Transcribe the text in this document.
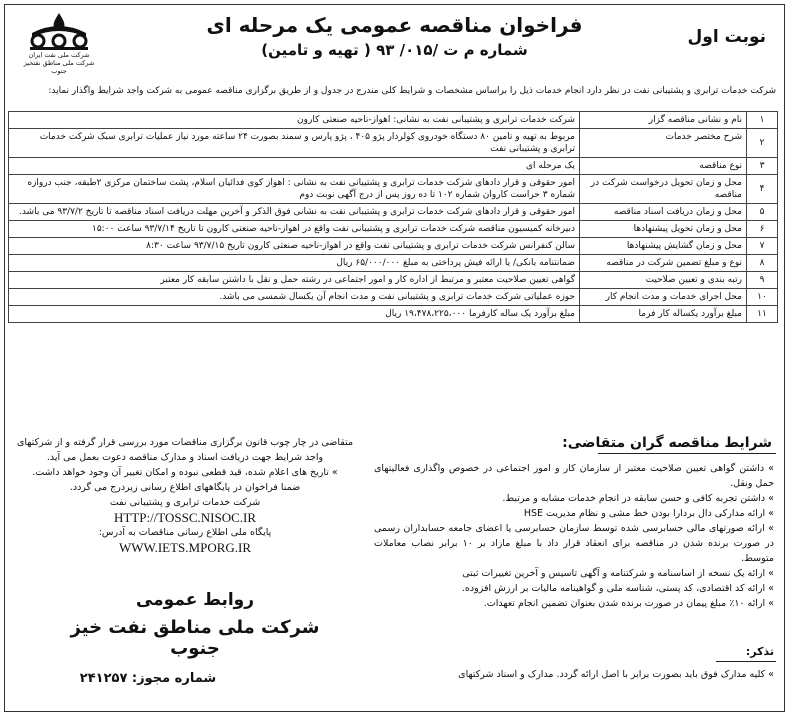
نوبت اول
شرکت ملی نفت ایران
شرکت ملی مناطق نفتخیز جنوب
فراخوان مناقصه عمومی یک مرحله ای
شماره م ت /۰۱۵/ ۹۳ ( تهیه و تامین)
شرکت خدمات ترابری و پشتیبانی نفت در نظر دارد انجام خدمات ذیل را براساس مشخصات و شرایط کلی مندرج در جدول و از طریق برگزاری مناقصه عمومی به شرکت واجد شرایط واگذار نماید:
۱	نام و نشانی مناقصه گزار	شرکت خدمات ترابری و پشتیبانی نفت به نشانی: اهواز-ناحیه صنعتی کارون
۲	شرح مختصر خدمات	مربوط به تهیه و تامین ۸۰ دستگاه خودروی کولردار پژو ۴۰۵ ، پژو پارس و سمند بصورت ۲۴ ساعته مورد نیاز عملیات ترابری سبک شرکت خدمات ترابری و پشتیبانی نفت
۳	نوع مناقصه	یک مرحله ای
۴	محل و زمان تحویل درخواست شرکت در مناقصه	امور حقوقی و قرار دادهای شرکت خدمات ترابری و پشتیبانی نفت به نشانی : اهواز کوی فدائیان اسلام، پشت ساختمان مرکزی ۲طبقه، جنب دروازه شماره ۳ حراست کاروان شماره ۱۰۲ تا ده روز پس از درج آگهی نوبت دوم
۵	محل و زمان دریافت اسناد مناقصه	امور حقوقی و قرار دادهای شرکت خدمات ترابری و پشتیبانی نفت به نشانی فوق الذکر و آخرین مهلت دریافت اسناد مناقصه تا تاریخ ۹۳/۷/۲ می باشد.
۶	محل و زمان تحویل پیشنهادها	دبیرخانه کمیسیون مناقصه شرکت خدمات ترابری و پشتیبانی نفت واقع در اهواز-ناحیه صنعتی کارون تا تاریخ ۹۳/۷/۱۴ ساعت ۱۵:۰۰
۷	محل و زمان گشایش پیشنهادها	سالن کنفرانس شرکت خدمات ترابری و پشتیبانی نفت واقع در اهواز-ناحیه صنعتی کارون تاریخ ۹۳/۷/۱۵ ساعت ۸:۳۰
۸	نوع و مبلغ تضمین شرکت در مناقصه	ضمانتنامه بانکی/ یا ارائه فیش پرداختی به مبلغ ۶۵/۰۰۰/۰۰۰ ریال
۹	رتبه بندی و تعیین صلاحیت	گواهی تعیین صلاحیت معتبر و مرتبط از اداره کار و امور اجتماعی در رشته حمل و نقل با داشتن سابقه کار معتبر
۱۰	محل اجرای خدمات و مدت انجام کار	حوزه عملیاتی شرکت خدمات ترابری و پشتیبانی نفت و مدت انجام آن یکسال شمسی می باشد.
۱۱	مبلغ برآورد یکساله کار فرما	مبلغ برآورد یک ساله کارفرما ۱۹،۴۷۸،۲۲۵،۰۰۰ ریال
شرایط مناقصه گران متقاضی:
» داشتن گواهی تعیین صلاحیت معتبر از سازمان کار و امور اجتماعی در خصوص واگذاری فعالیتهای حمل ونقل.
» داشتن تجربه کافی و حسن سابقه در انجام خدمات مشابه و مرتبط.
» ارائه مدارکی دال بردارا بودن خط مشی و نظام مدیریت HSE
» ارائه صورتهای مالی حسابرسی شده توسط سازمان حسابرسی یا اعضای جامعه حسابداران رسمی در صورت برنده شدن در مناقصه برای انعقاد قرار داد با مبلغ مازاد بر ۱۰ برابر نصاب معاملات متوسط.
» ارائه یک نسخه از اساسنامه و شرکتنامه و آگهی تاسیس و آخرین تغییرات ثبتی
» ارائه کد اقتصادی، کد پستی، شناسه ملی و گواهینامه مالیات بر ارزش افزوده.
» ارائه ۱۰٪ مبلغ پیمان در صورت برنده شدن بعنوان تضمین انجام تعهدات.
تذکر:
» کلیه مدارک فوق باید بصورت برابر با اصل ارائه گردد. مدارک و اسناد شرکتهای
متقاضی در چار چوب قانون برگزاری مناقصات مورد بررسی قرار گرفته و از شرکتهای واجد شرایط جهت دریافت اسناد و مدارک مناقصه دعوت بعمل می آید.
» تاریخ های اعلام شده، قید قطعی نبوده و امکان تغییر آن وجود خواهد داشت.
ضمنا فراخوان در پایگاههای اطلاع رسانی زیردرج می گردد.
شرکت خدمات ترابری و پشتیبانی نفت
HTTP://TOSSC.NISOC.IR
پایگاه ملی اطلاع رسانی مناقصات به آدرس:
WWW.IETS.MPORG.IR
روابط عمومی
شرکت ملی مناطق نفت خیز جنوب
شماره مجوز: ۲۴۱۲۵۷
